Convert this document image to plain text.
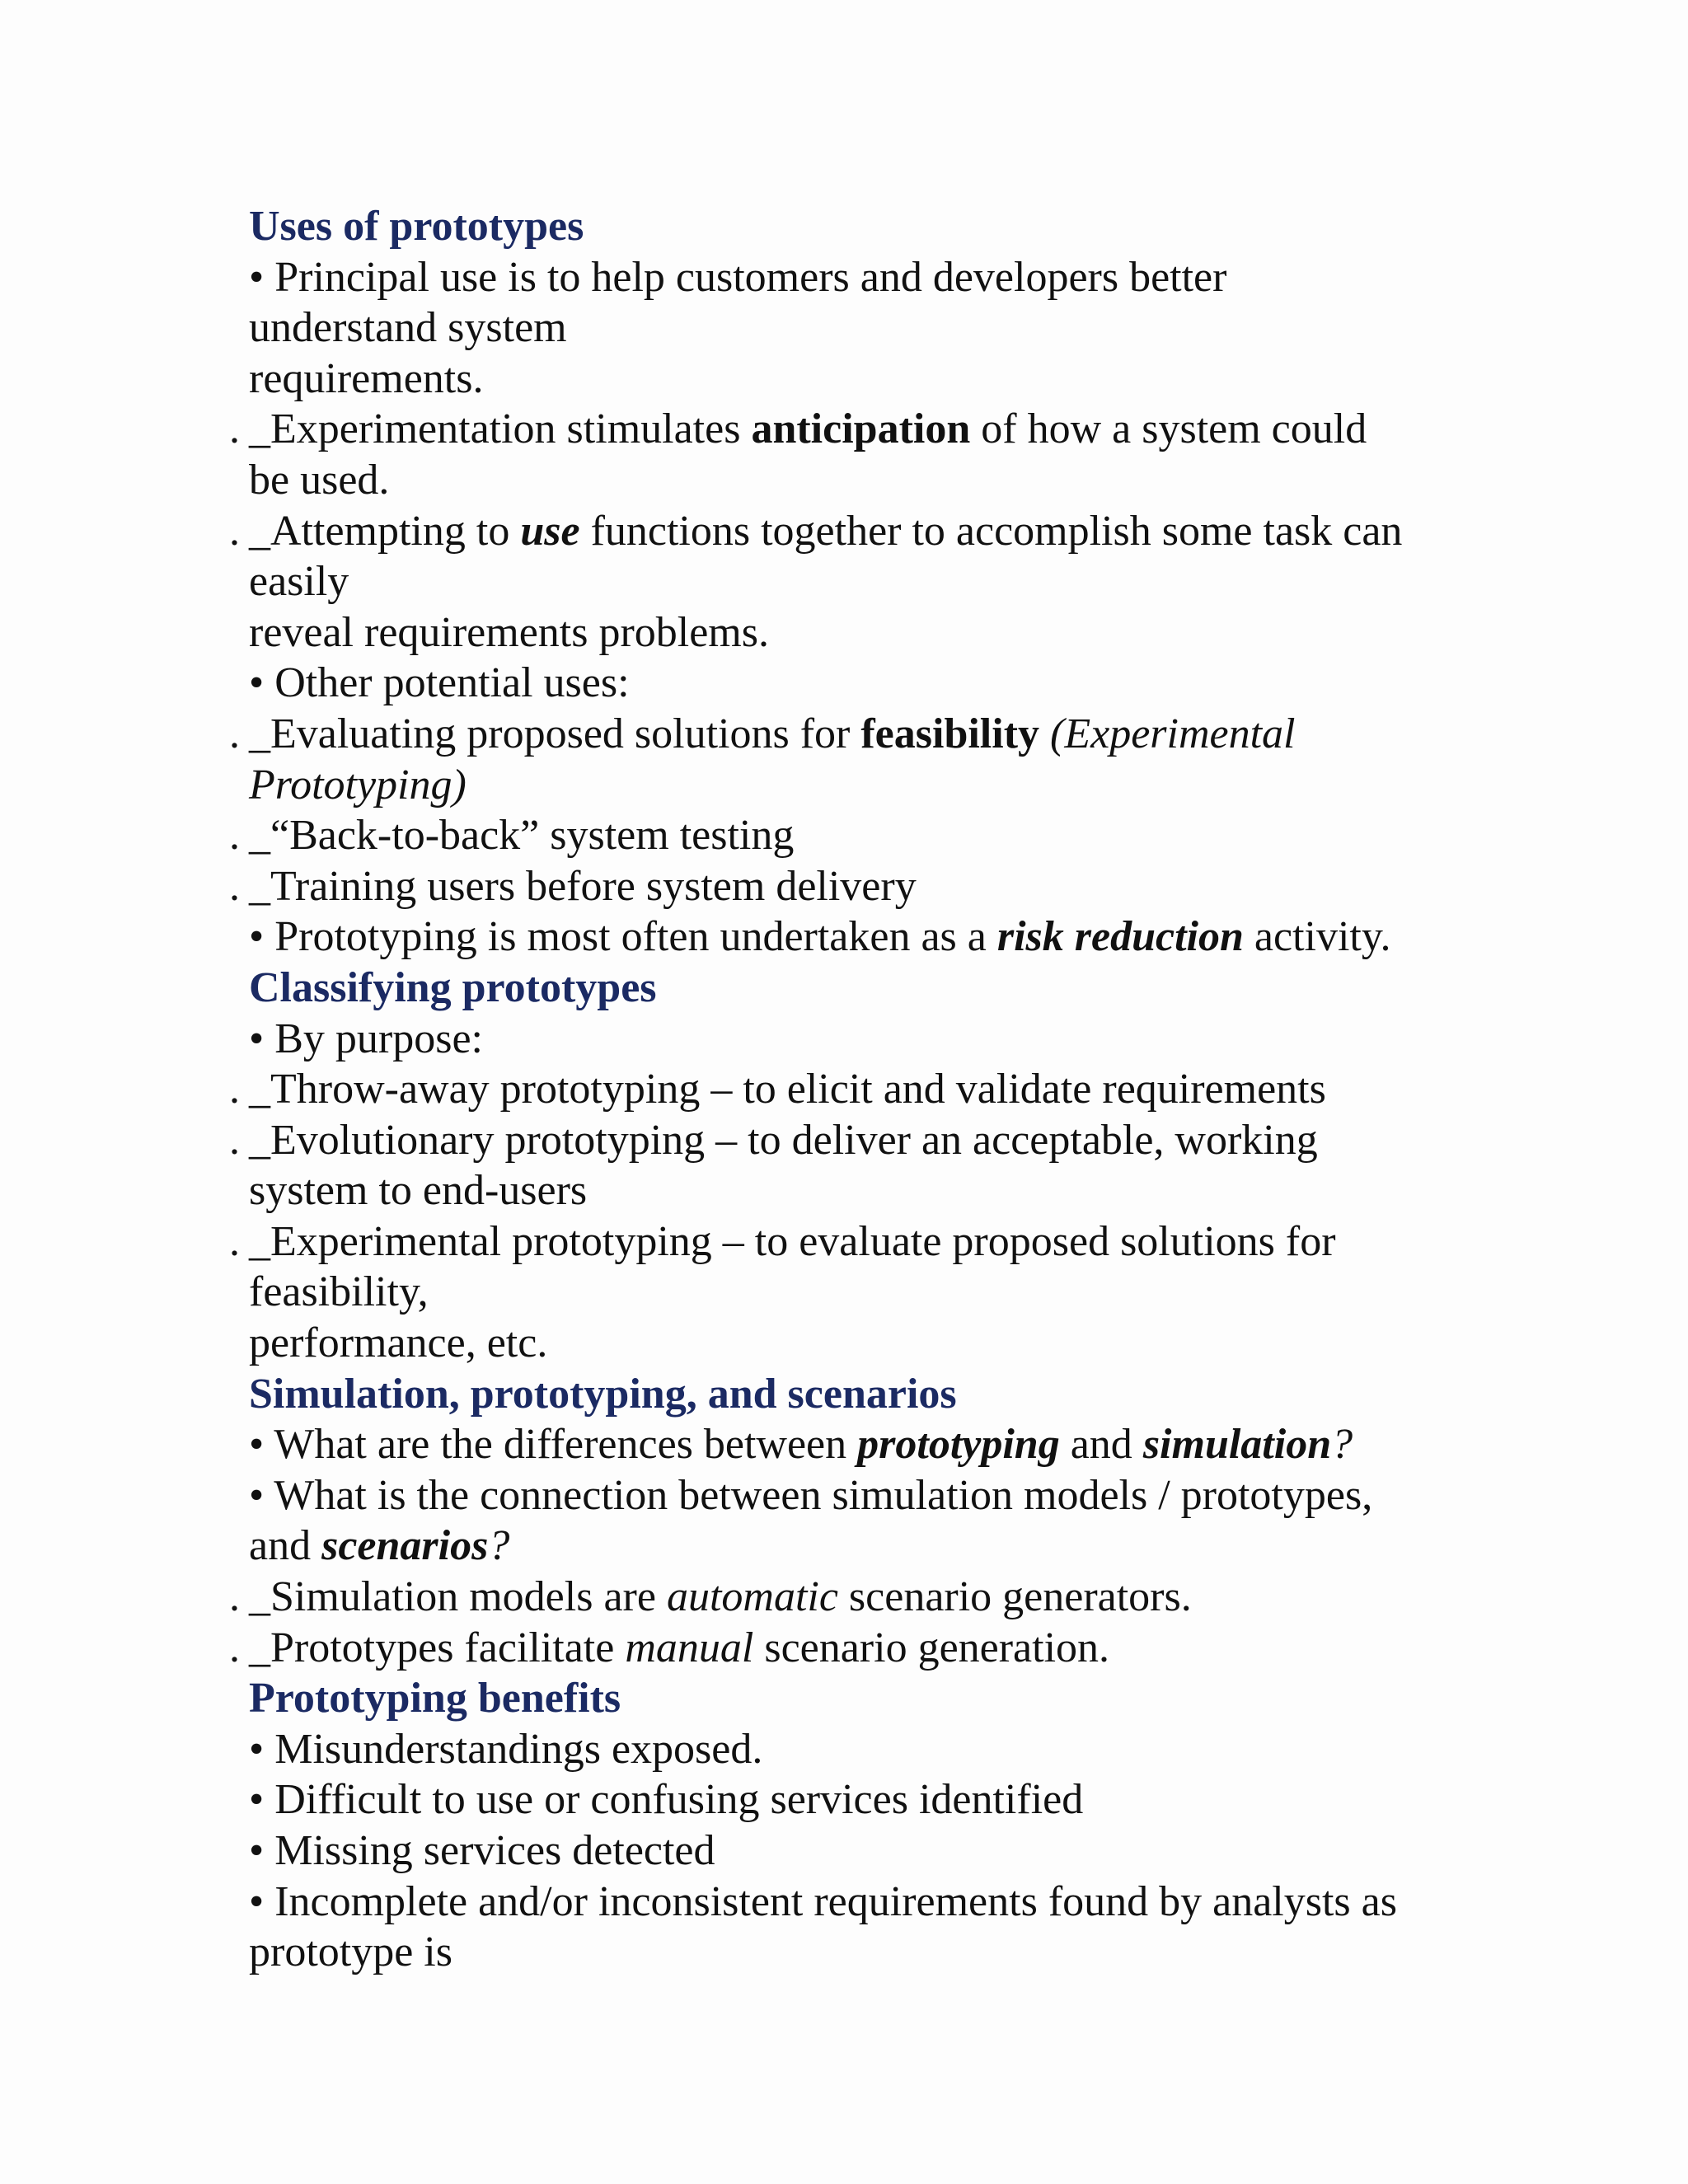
Uses of prototypes
• Principal use is to help customers and developers better
understand system
requirements.
. _Experimentation stimulates anticipation of how a system could
be used.
. _Attempting to use functions together to accomplish some task can
easily
reveal requirements problems.
• Other potential uses:
. _Evaluating proposed solutions for feasibility (Experimental
Prototyping)
. _“Back-to-back” system testing
. _Training users before system delivery
• Prototyping is most often undertaken as a risk reduction activity.
Classifying prototypes
• By purpose:
. _Throw-away prototyping – to elicit and validate requirements
. _Evolutionary prototyping – to deliver an acceptable, working
system to end-users
. _Experimental prototyping – to evaluate proposed solutions for
feasibility,
performance, etc.
Simulation, prototyping, and scenarios
• What are the differences between prototyping and simulation?
• What is the connection between simulation models / prototypes,
and scenarios?
. _Simulation models are automatic scenario generators.
. _Prototypes facilitate manual scenario generation.
Prototyping benefits
• Misunderstandings exposed.
• Difficult to use or confusing services identified
• Missing services detected
• Incomplete and/or inconsistent requirements found by analysts as
prototype is
